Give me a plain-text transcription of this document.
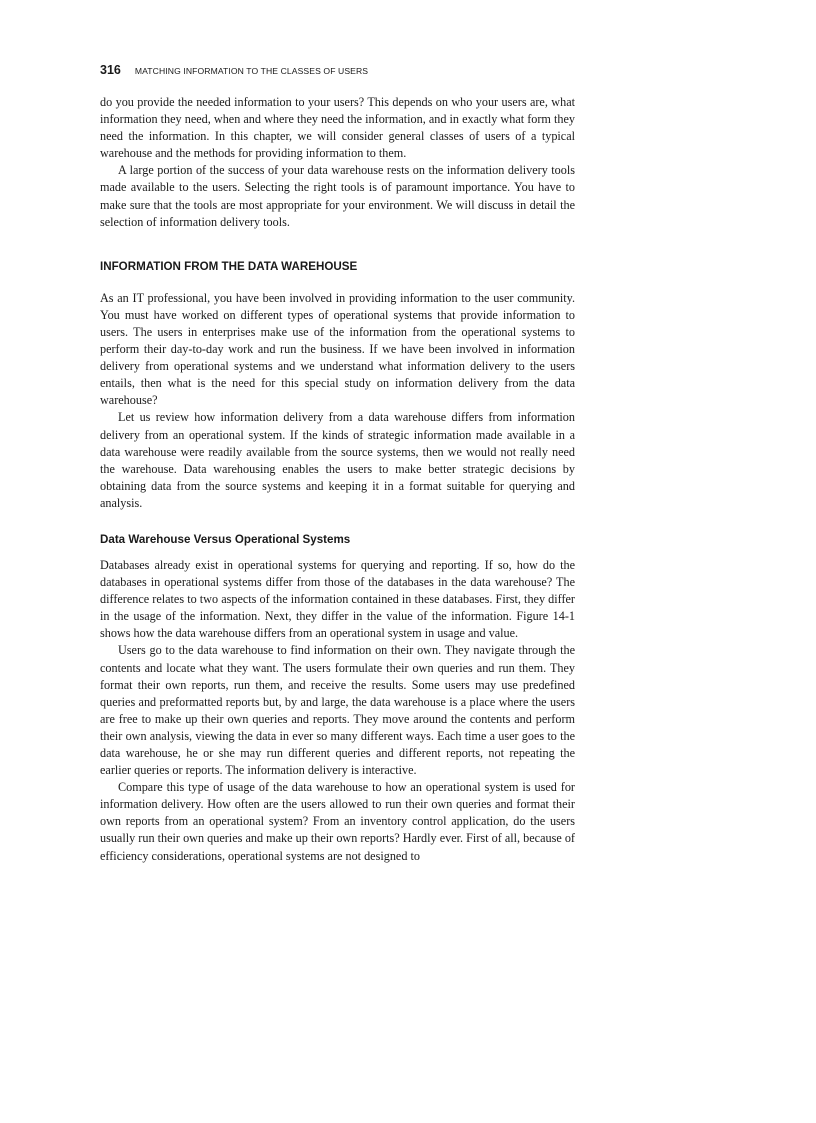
316 MATCHING INFORMATION TO THE CLASSES OF USERS

do you provide the needed information to your users? This depends on who your users are, what information they need, when and where they need the information, and in exactly what form they need the information. In this chapter, we will consider general classes of users of a typical warehouse and the methods for providing information to them.

A large portion of the success of your data warehouse rests on the information delivery tools made available to the users. Selecting the right tools is of paramount importance. You have to make sure that the tools are most appropriate for your environment. We will discuss in detail the selection of information delivery tools.

INFORMATION FROM THE DATA WAREHOUSE

As an IT professional, you have been involved in providing information to the user community. You must have worked on different types of operational systems that provide information to users. The users in enterprises make use of the information from the operational systems to perform their day-to-day work and run the business. If we have been involved in information delivery from operational systems and we understand what information delivery to the users entails, then what is the need for this special study on information delivery from the data warehouse?

Let us review how information delivery from a data warehouse differs from information delivery from an operational system. If the kinds of strategic information made available in a data warehouse were readily available from the source systems, then we would not really need the warehouse. Data warehousing enables the users to make better strategic decisions by obtaining data from the source systems and keeping it in a format suitable for querying and analysis.

Data Warehouse Versus Operational Systems

Databases already exist in operational systems for querying and reporting. If so, how do the databases in operational systems differ from those of the databases in the data warehouse? The difference relates to two aspects of the information contained in these databases. First, they differ in the usage of the information. Next, they differ in the value of the information. Figure 14-1 shows how the data warehouse differs from an operational system in usage and value.

Users go to the data warehouse to find information on their own. They navigate through the contents and locate what they want. The users formulate their own queries and run them. They format their own reports, run them, and receive the results. Some users may use predefined queries and preformatted reports but, by and large, the data warehouse is a place where the users are free to make up their own queries and reports. They move around the contents and perform their own analysis, viewing the data in ever so many different ways. Each time a user goes to the data warehouse, he or she may run different queries and different reports, not repeating the earlier queries or reports. The information delivery is interactive.

Compare this type of usage of the data warehouse to how an operational system is used for information delivery. How often are the users allowed to run their own queries and format their own reports from an operational system? From an inventory control application, do the users usually run their own queries and make up their own reports? Hardly ever. First of all, because of efficiency considerations, operational systems are not designed to
